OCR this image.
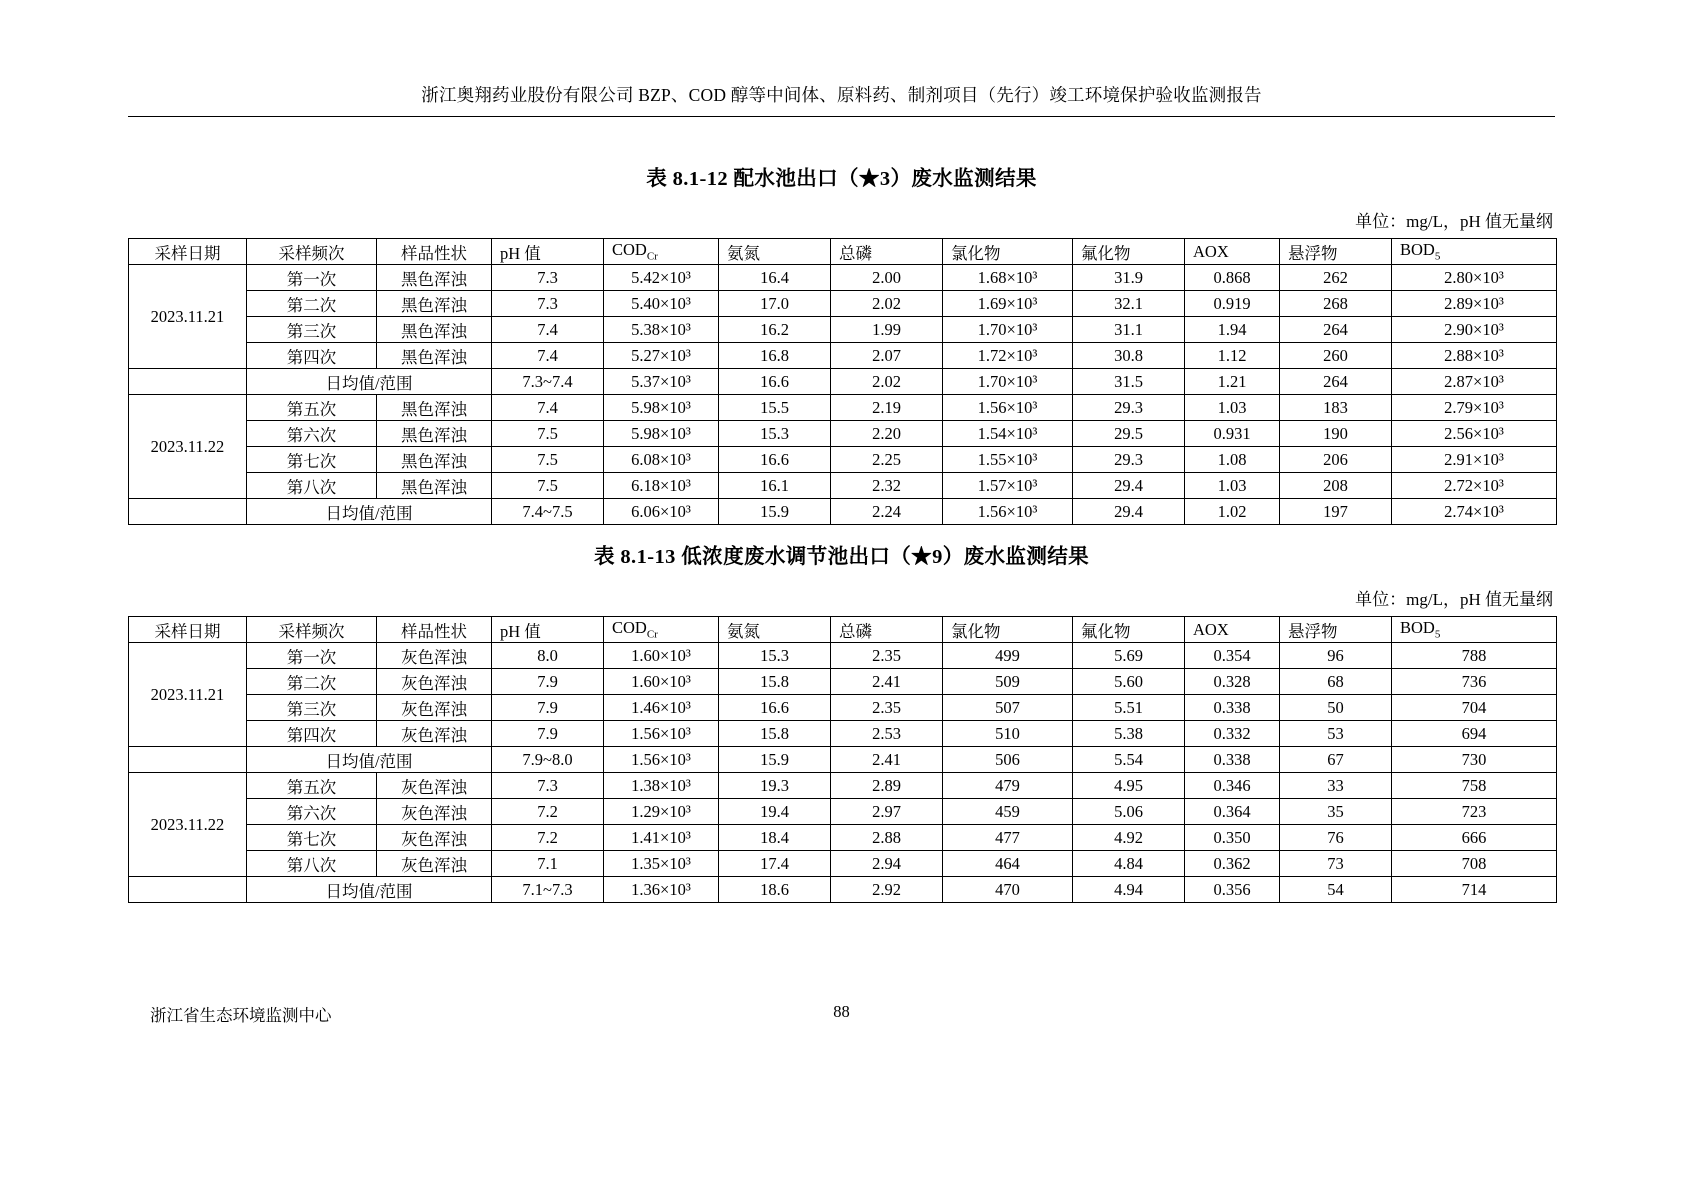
浙江奥翔药业股份有限公司 BZP、COD 醇等中间体、原料药、制剂项目（先行）竣工环境保护验收监测报告
表 8.1-12 配水池出口（★3）废水监测结果
单位：mg/L，pH 值无量纲
采样日期	采样频次	样品性状	pH 值	$COD_{Cr}$	氨氮	总磷	氯化物	氟化物	AOX	悬浮物	$BOD_5$
2023.11.21	第一次	黑色浑浊	7.3	5.42×10³	16.4	2.00	1.68×10³	31.9	0.868	262	2.80×10³
	第二次	黑色浑浊	7.3	5.40×10³	17.0	2.02	1.69×10³	32.1	0.919	268	2.89×10³
	第三次	黑色浑浊	7.4	5.38×10³	16.2	1.99	1.70×10³	31.1	1.94	264	2.90×10³
	第四次	黑色浑浊	7.4	5.27×10³	16.8	2.07	1.72×10³	30.8	1.12	260	2.88×10³
	日均值/范围		7.3~7.4	5.37×10³	16.6	2.02	1.70×10³	31.5	1.21	264	2.87×10³
2023.11.22	第五次	黑色浑浊	7.4	5.98×10³	15.5	2.19	1.56×10³	29.3	1.03	183	2.79×10³
	第六次	黑色浑浊	7.5	5.98×10³	15.3	2.20	1.54×10³	29.5	0.931	190	2.56×10³
	第七次	黑色浑浊	7.5	6.08×10³	16.6	2.25	1.55×10³	29.3	1.08	206	2.91×10³
	第八次	黑色浑浊	7.5	6.18×10³	16.1	2.32	1.57×10³	29.4	1.03	208	2.72×10³
	日均值/范围		7.4~7.5	6.06×10³	15.9	2.24	1.56×10³	29.4	1.02	197	2.74×10³
表 8.1-13 低浓度废水调节池出口（★9）废水监测结果
单位：mg/L，pH 值无量纲
采样日期	采样频次	样品性状	pH 值	$COD_{Cr}$	氨氮	总磷	氯化物	氟化物	AOX	悬浮物	$BOD_5$
2023.11.21	第一次	灰色浑浊	8.0	1.60×10³	15.3	2.35	499	5.69	0.354	96	788
	第二次	灰色浑浊	7.9	1.60×10³	15.8	2.41	509	5.60	0.328	68	736
	第三次	灰色浑浊	7.9	1.46×10³	16.6	2.35	507	5.51	0.338	50	704
	第四次	灰色浑浊	7.9	1.56×10³	15.8	2.53	510	5.38	0.332	53	694
	日均值/范围		7.9~8.0	1.56×10³	15.9	2.41	506	5.54	0.338	67	730
2023.11.22	第五次	灰色浑浊	7.3	1.38×10³	19.3	2.89	479	4.95	0.346	33	758
	第六次	灰色浑浊	7.2	1.29×10³	19.4	2.97	459	5.06	0.364	35	723
	第七次	灰色浑浊	7.2	1.41×10³	18.4	2.88	477	4.92	0.350	76	666
	第八次	灰色浑浊	7.1	1.35×10³	17.4	2.94	464	4.84	0.362	73	708
	日均值/范围		7.1~7.3	1.36×10³	18.6	2.92	470	4.94	0.356	54	714
浙江省生态环境监测中心	88
